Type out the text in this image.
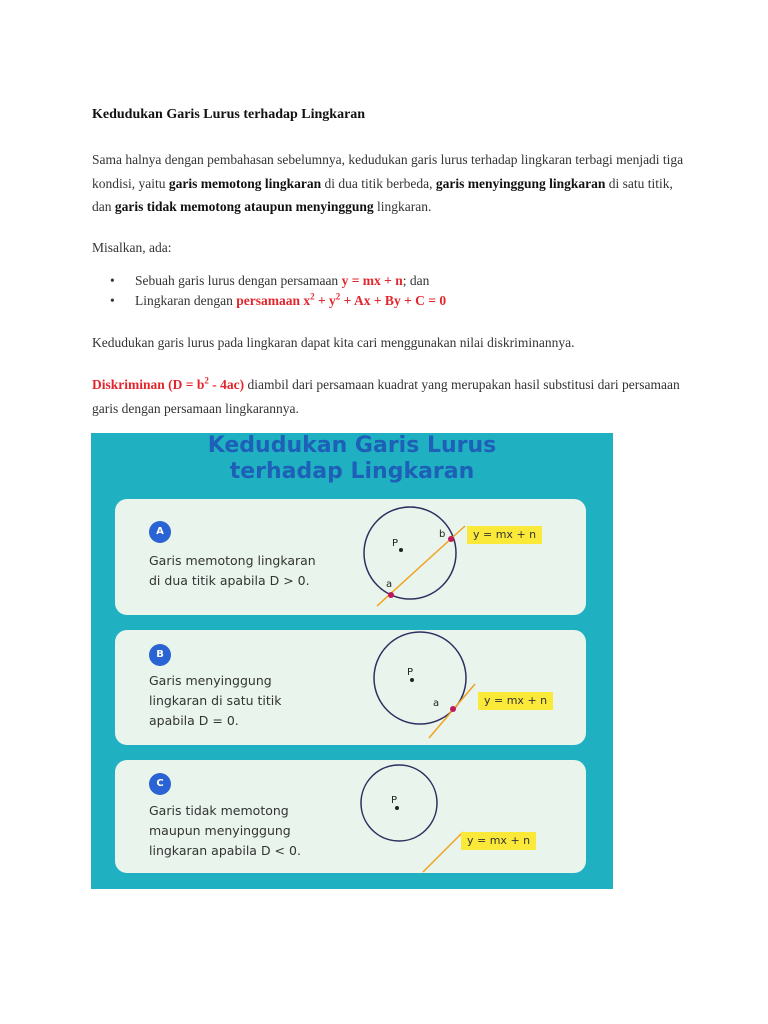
Kedudukan Garis Lurus terhadap Lingkaran
Sama halnya dengan pembahasan sebelumnya, kedudukan garis lurus terhadap lingkaran terbagi menjadi tiga kondisi, yaitu garis memotong lingkaran di dua titik berbeda, garis menyinggung lingkaran di satu titik, dan garis tidak memotong ataupun menyinggung lingkaran.
Misalkan, ada:
• Sebuah garis lurus dengan persamaan y = mx + n; dan
• Lingkaran dengan persamaan $x^2 + y^2 + Ax + By + C = 0$
Kedudukan garis lurus pada lingkaran dapat kita cari menggunakan nilai diskriminannya.
Diskriminan $(D = b^2 - 4ac)$ diambil dari persamaan kuadrat yang merupakan hasil substitusi dari persamaan garis dengan persamaan lingkarannya.
Kedudukan Garis Lurus
terhadap Lingkaran
A
Garis memotong lingkaran
di dua titik apabila D > 0.
P
a
b	y = mx + n
B
Garis menyinggung
lingkaran di satu titik
apabila D = 0.
P
a	y = mx + n
C
Garis tidak memotong
maupun menyinggung
lingkaran apabila D < 0.
P
y = mx + n
